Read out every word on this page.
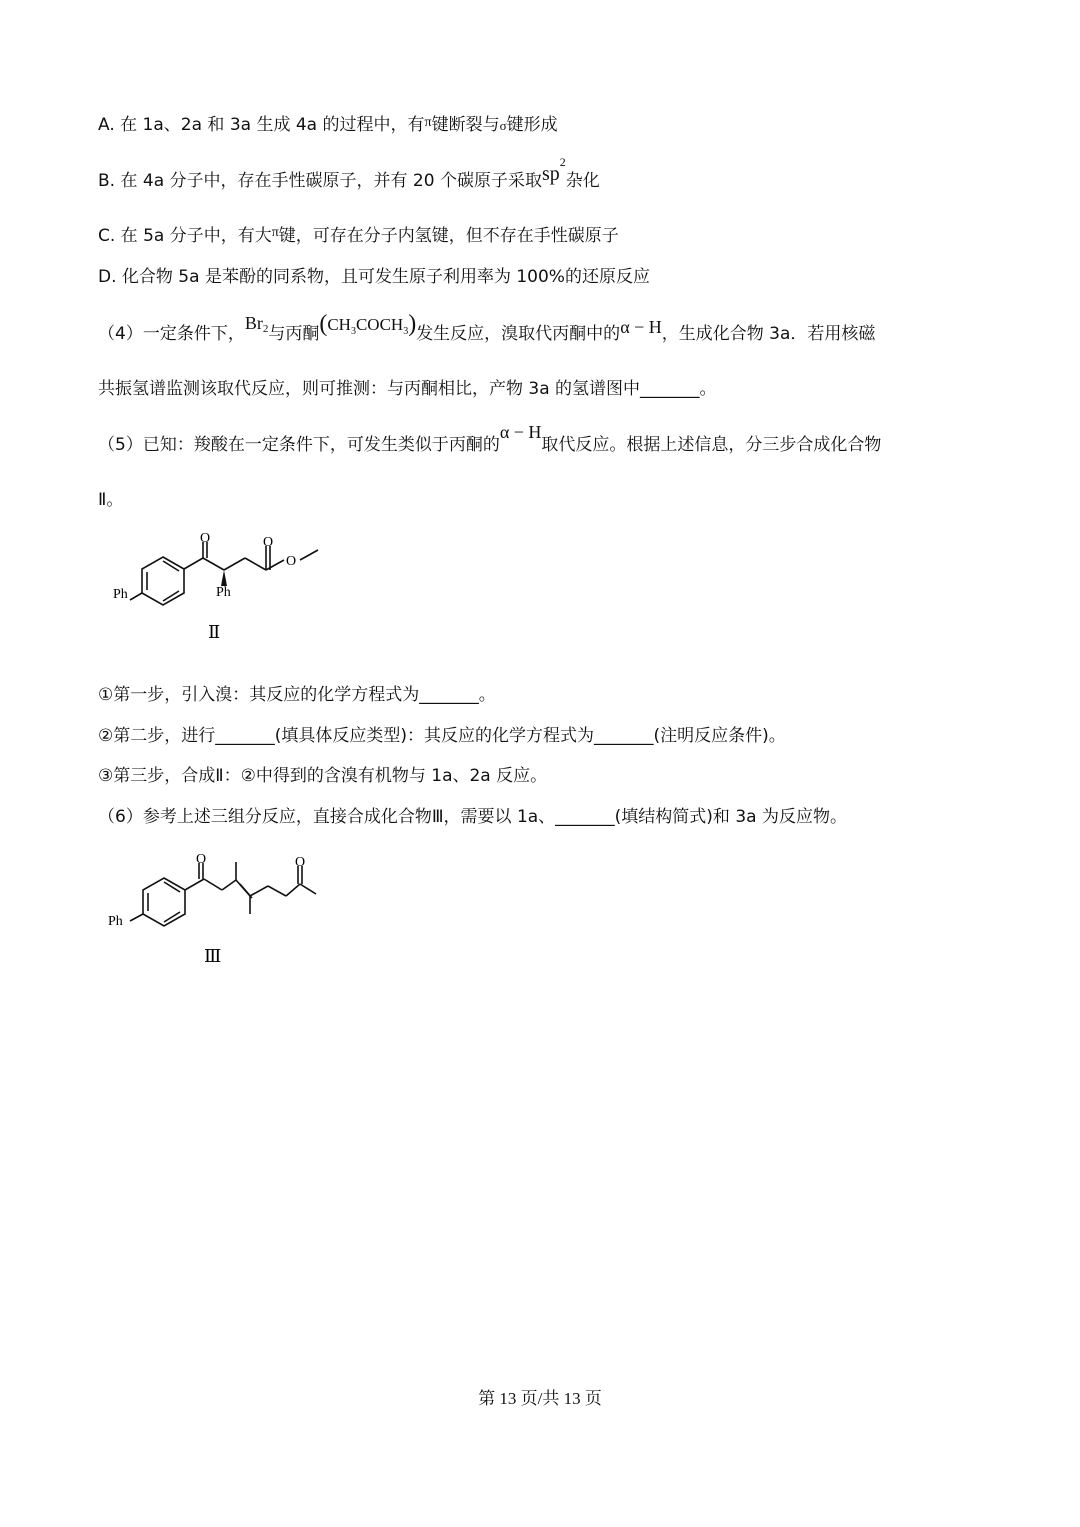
A. 在 1a、2a 和 3a 生成 4a 的过程中，有$^\pi$键断裂与σ键形成
B. 在 4a 分子中，存在手性碳原子，并有 20 个碳原子采取$sp^2$杂化
C. 在 5a 分子中，有大$^\pi$键，可存在分子内氢键，但不存在手性碳原子
D. 化合物 5a 是苯酚的同系物，且可发生原子利用率为 100%的还原反应
（4）一定条件下，Br$^2$与丙酮$(CH_3COCH_3)$发生反应，溴取代丙酮中的α − H，生成化合物 3a．若用核磁
共振氢谱监测该取代反应，则可推测：与丙酮相比，产物 3a 的氢谱图中_______。
（5）已知：羧酸在一定条件下，可发生类似于丙酮的α − H取代反应。根据上述信息，分三步合成化合物
Ⅱ。
Ph	Ph
O	O
O
Ⅱ
①第一步，引入溴：其反应的化学方程式为_______。
②第二步，进行_______(填具体反应类型)：其反应的化学方程式为_______(注明反应条件)。
③第三步，合成Ⅱ：②中得到的含溴有机物与 1a、2a 反应。
（6）参考上述三组分反应，直接合成化合物Ⅲ，需要以 1a、_______(填结构简式)和 3a 为反应物。
Ph
O	O
Ⅲ
第 13 页/共 13 页
